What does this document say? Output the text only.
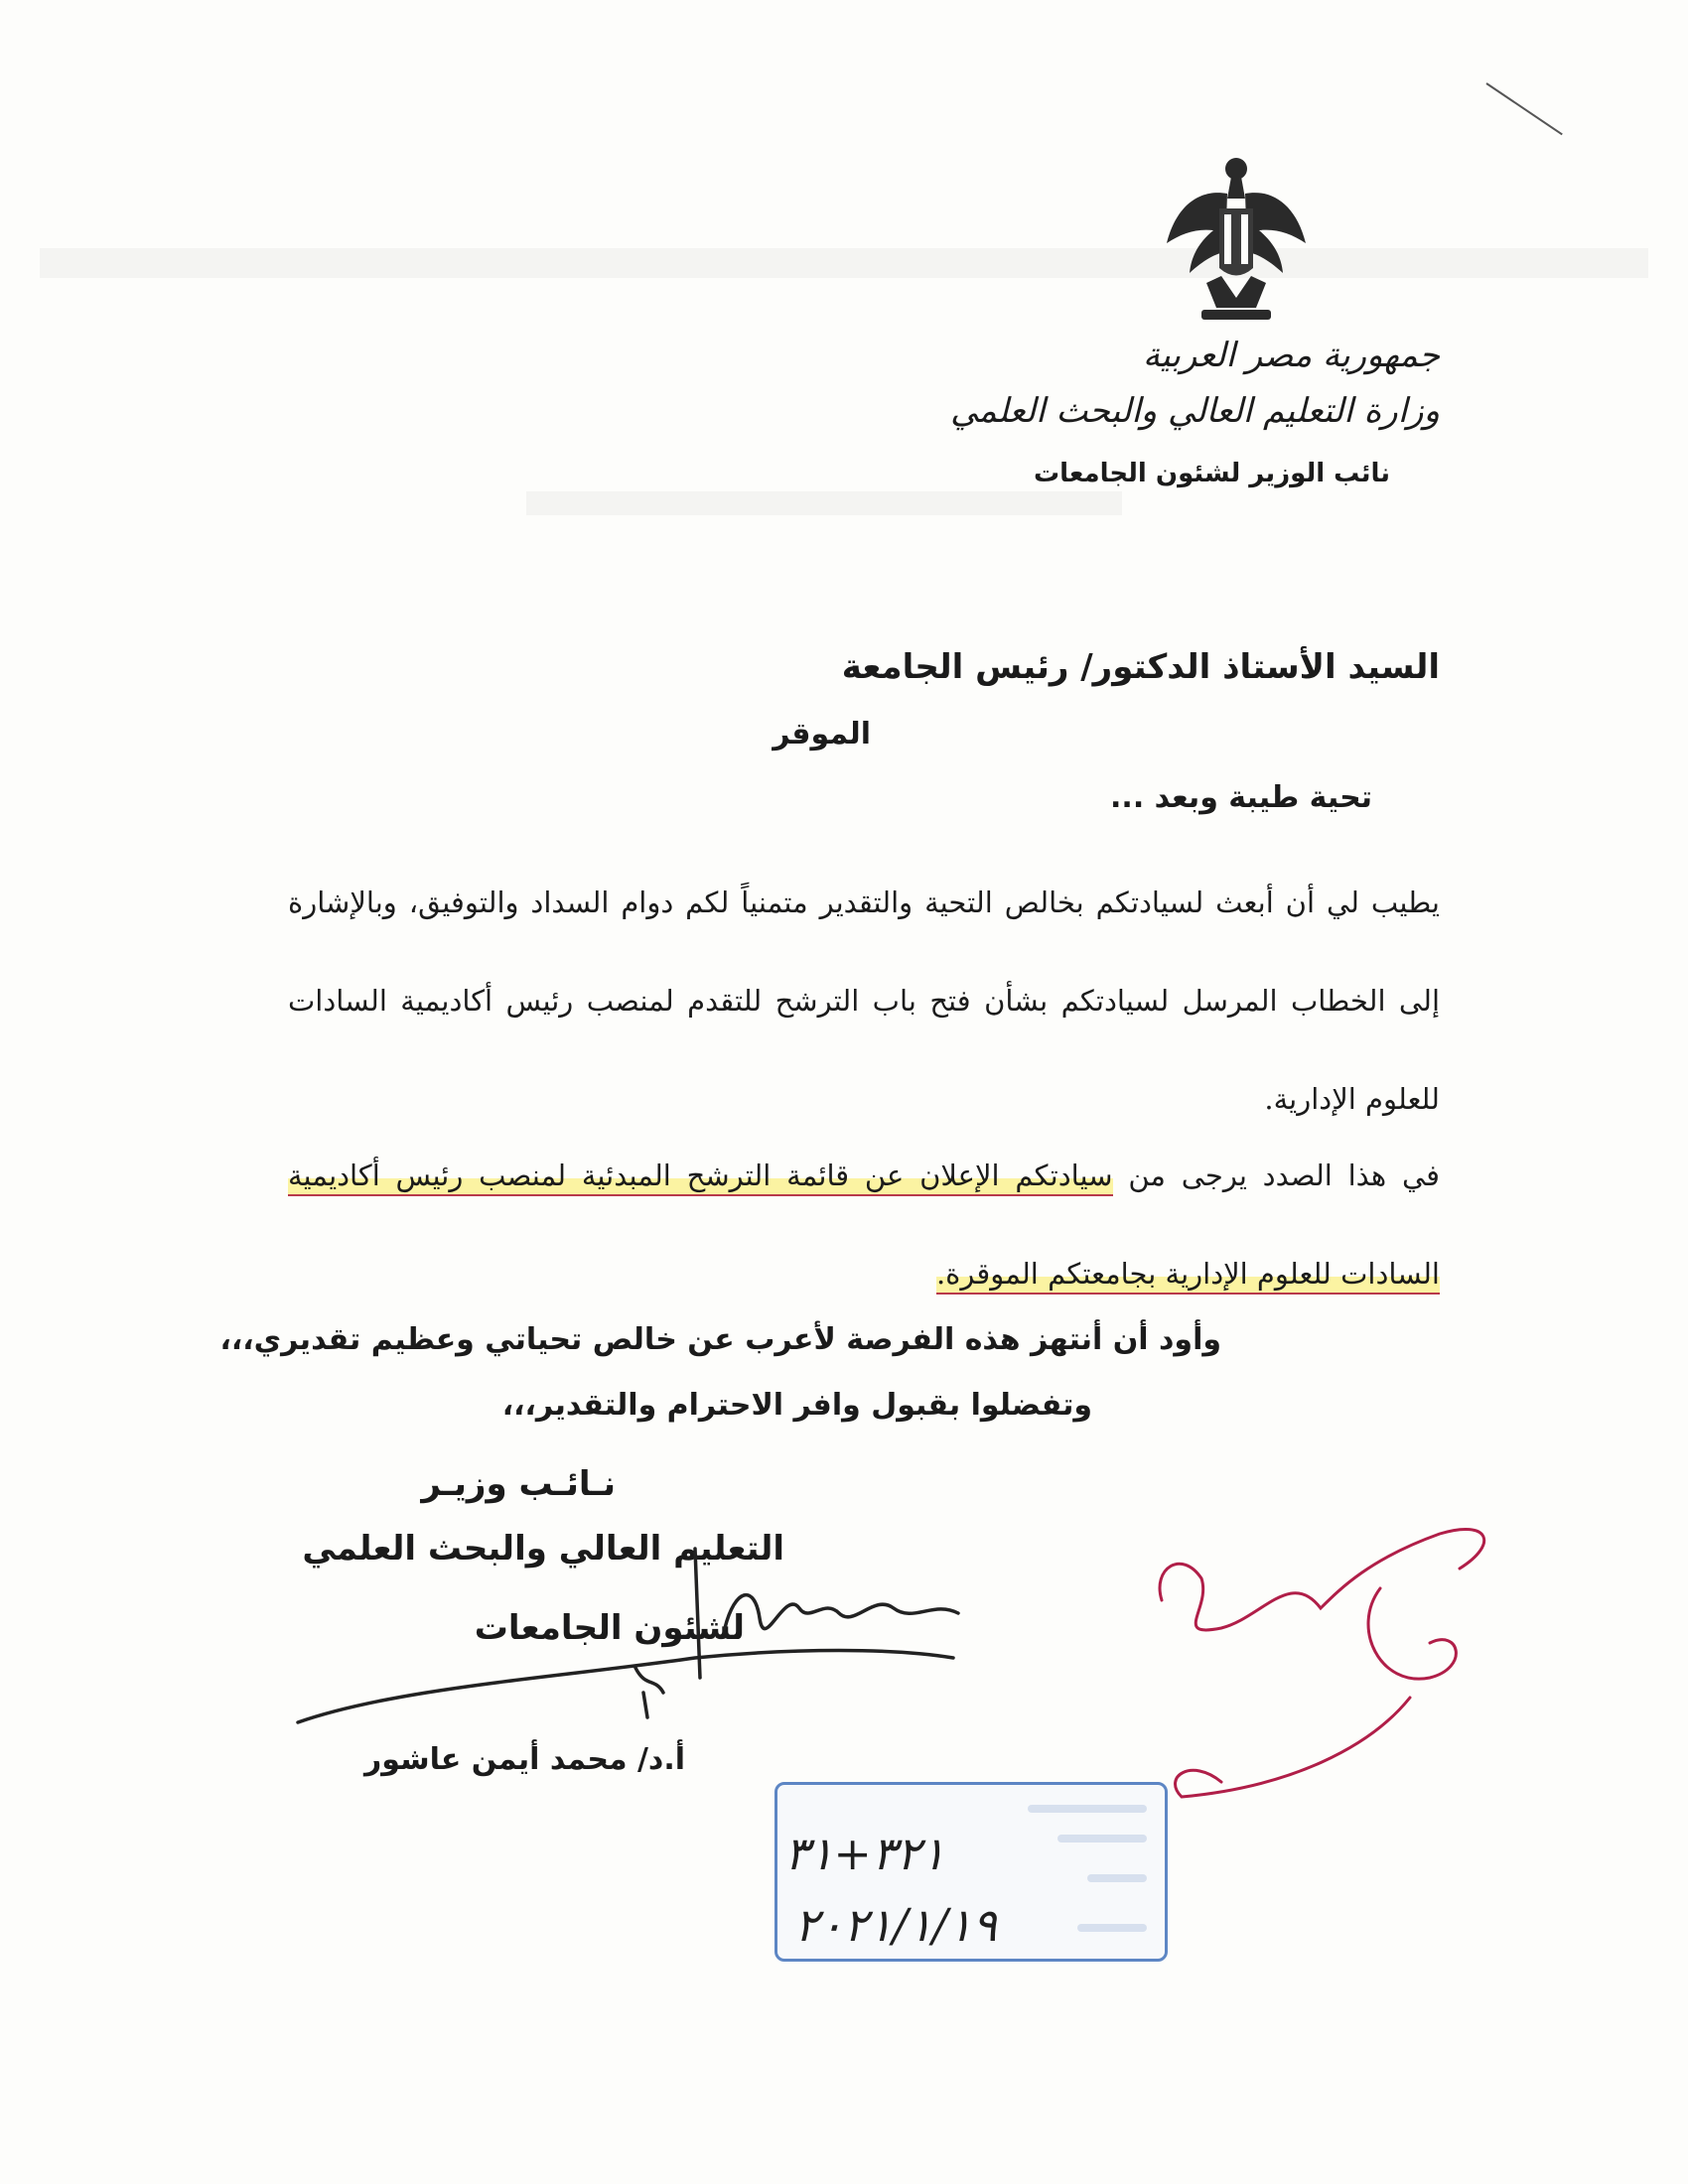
جمهورية مصر العربية
وزارة التعليم العالي والبحث العلمي
نائب الوزير لشئون الجامعات
السيد الأستاذ الدكتور/ رئيس الجامعة
الموقر
تحية طيبة وبعد ...
يطيب لي أن أبعث لسيادتكم بخالص التحية والتقدير متمنياً لكم دوام السداد والتوفيق، وبالإشارة إلى الخطاب المرسل لسيادتكم بشأن فتح باب الترشح للتقدم لمنصب رئيس أكاديمية السادات للعلوم الإدارية.
في هذا الصدد يرجى من سيادتكم الإعلان عن قائمة الترشح المبدئية لمنصب رئيس أكاديمية السادات للعلوم الإدارية بجامعتكم الموقرة.
وأود أن أنتهز هذه الفرصة لأعرب عن خالص تحياتي وعظيم تقديري،،،
وتفضلوا بقبول وافر الاحترام والتقدير،،،
نـائـب وزيـر
التعليم العالي والبحث العلمي
لشئون الجامعات
أ.د/ محمد أيمن عاشور
٣٢١+٣١
٢٠٢١/١/١٩
